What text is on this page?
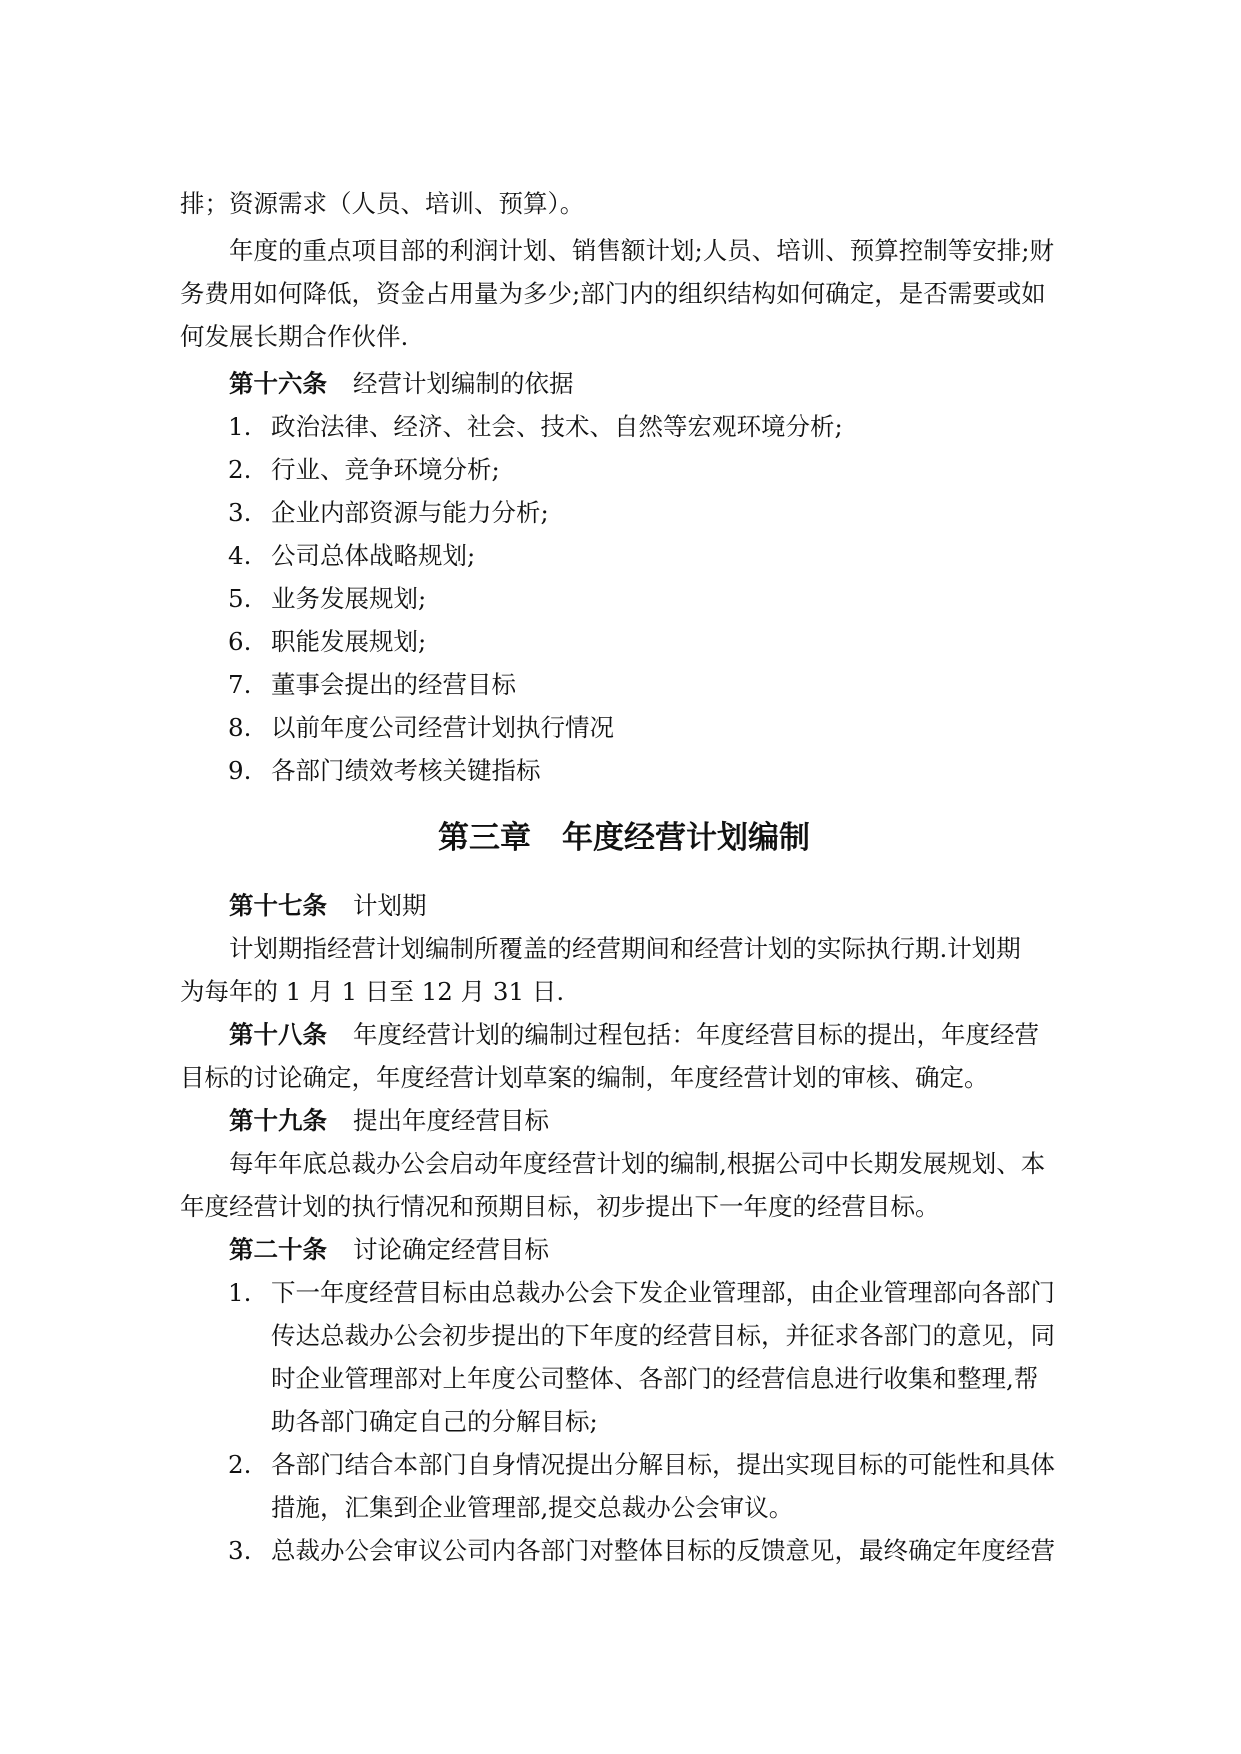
排；资源需求（人员、培训、预算）。
年度的重点项目部的利润计划、销售额计划;人员、培训、预算控制等安排;财
务费用如何降低，资金占用量为多少;部门内的组织结构如何确定，是否需要或如
何发展长期合作伙伴.
第十六条 经营计划编制的依据
1. 政治法律、经济、社会、技术、自然等宏观环境分析;
2. 行业、竞争环境分析;
3. 企业内部资源与能力分析;
4. 公司总体战略规划;
5. 业务发展规划;
6. 职能发展规划;
7. 董事会提出的经营目标
8. 以前年度公司经营计划执行情况
9. 各部门绩效考核关键指标
第三章　年度经营计划编制
第十七条 计划期
计划期指经营计划编制所覆盖的经营期间和经营计划的实际执行期.计划期
为每年的 1 月 1 日至 12 月 31 日.
第十八条 年度经营计划的编制过程包括：年度经营目标的提出，年度经营
目标的讨论确定，年度经营计划草案的编制，年度经营计划的审核、确定。
第十九条 提出年度经营目标
每年年底总裁办公会启动年度经营计划的编制,根据公司中长期发展规划、本
年度经营计划的执行情况和预期目标，初步提出下一年度的经营目标。
第二十条 讨论确定经营目标
1. 下一年度经营目标由总裁办公会下发企业管理部，由企业管理部向各部门传达总裁办公会初步提出的下年度的经营目标，并征求各部门的意见，同时企业管理部对上年度公司整体、各部门的经营信息进行收集和整理,帮助各部门确定自己的分解目标;
2. 各部门结合本部门自身情况提出分解目标，提出实现目标的可能性和具体措施，汇集到企业管理部,提交总裁办公会审议。
3. 总裁办公会审议公司内各部门对整体目标的反馈意见，最终确定年度经营
